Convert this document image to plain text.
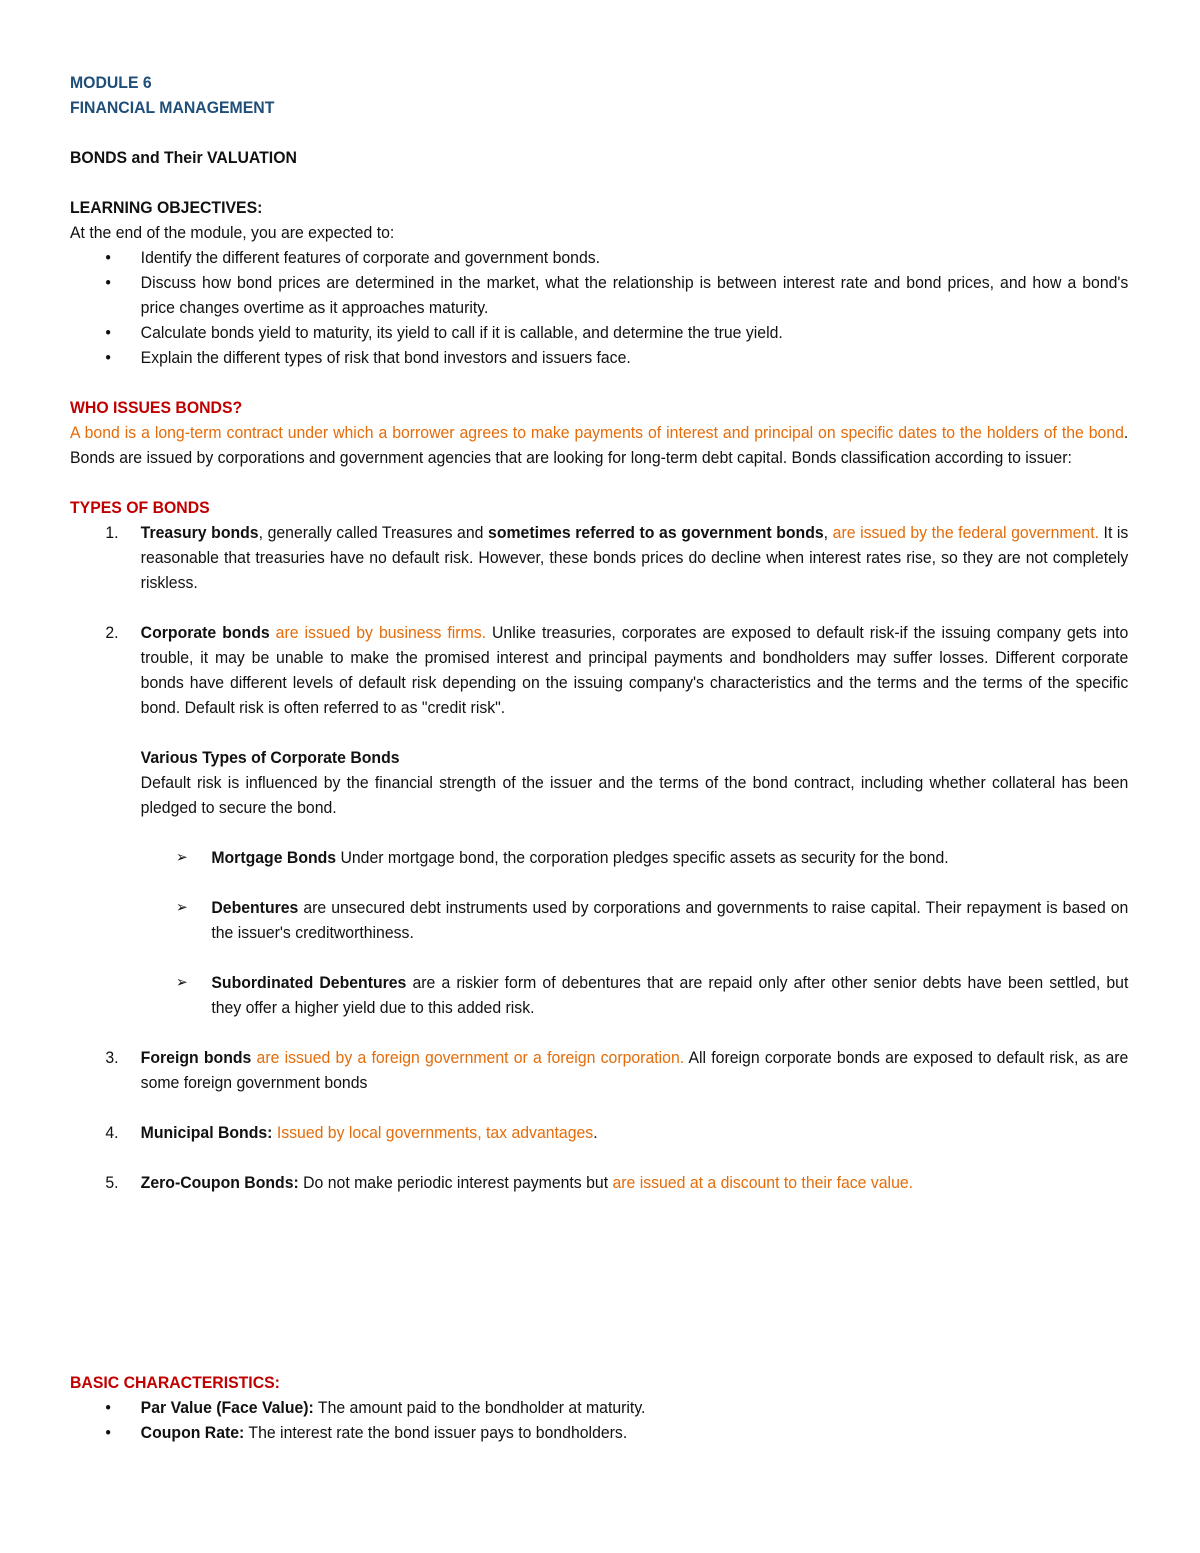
MODULE 6

FINANCIAL MANAGEMENT

BONDS and Their VALUATION

LEARNING OBJECTIVES:

At the end of the module, you are expected to:

• Identify the different features of corporate and government bonds.
• Discuss how bond prices are determined in the market, what the relationship is between interest rate and bond prices, and how a bond's price changes overtime as it approaches maturity.
• Calculate bonds yield to maturity, its yield to call if it is callable, and determine the true yield.
• Explain the different types of risk that bond investors and issuers face.

WHO ISSUES BONDS?

A bond is a long-term contract under which a borrower agrees to make payments of interest and principal on specific dates to the holders of the bond. Bonds are issued by corporations and government agencies that are looking for long-term debt capital. Bonds classification according to issuer:

TYPES OF BONDS

1. Treasury bonds, generally called Treasures and sometimes referred to as government bonds, are issued by the federal government. It is reasonable that treasuries have no default risk. However, these bonds prices do decline when interest rates rise, so they are not completely riskless.
2. Corporate bonds are issued by business firms. Unlike treasuries, corporates are exposed to default risk-if the issuing company gets into trouble, it may be unable to make the promised interest and principal payments and bondholders may suffer losses. Different corporate bonds have different levels of default risk depending on the issuing company's characteristics and the terms and the terms of the specific bond. Default risk is often referred to as "credit risk".

Various Types of Corporate Bonds

Default risk is influenced by the financial strength of the issuer and the terms of the bond contract, including whether collateral has been pledged to secure the bond.

➢ Mortgage Bonds Under mortgage bond, the corporation pledges specific assets as security for the bond.
➢ Debentures are unsecured debt instruments used by corporations and governments to raise capital. Their repayment is based on the issuer's creditworthiness.
➢ Subordinated Debentures are a riskier form of debentures that are repaid only after other senior debts have been settled, but they offer a higher yield due to this added risk.
3. Foreign bonds are issued by a foreign government or a foreign corporation. All foreign corporate bonds are exposed to default risk, as are some foreign government bonds
4. Municipal Bonds: Issued by local governments, tax advantages.
5. Zero-Coupon Bonds: Do not make periodic interest payments but are issued at a discount to their face value.

BASIC CHARACTERISTICS:

• Par Value (Face Value): The amount paid to the bondholder at maturity.
• Coupon Rate: The interest rate the bond issuer pays to bondholders.
